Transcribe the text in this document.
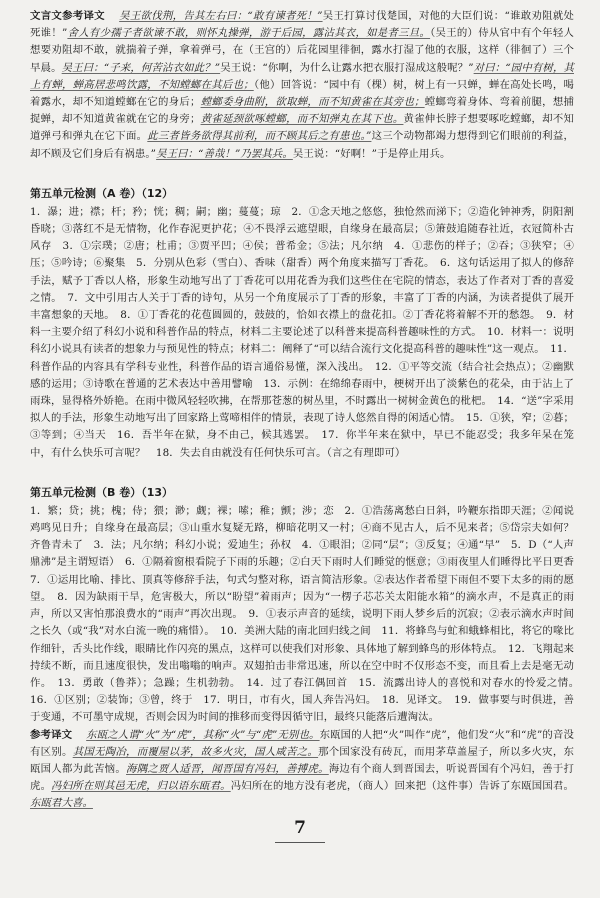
文言文参考译文 　 吴王欲伐荆，告其左右曰：“敢有谏者死！”吴王打算讨伐楚国，对他的大臣们说：“谁敢劝阻就处死谁！”舍人有少孺子者欲谏不敢，则怀丸操弹，游于后园，露沾其衣，如是者三旦。（吴王的）侍从官中有个年轻人想要劝阻却不敢，就揣着子弹，拿着弹弓，在（王宫的）后花园里徘徊，露水打湿了他的衣服，这样（徘徊了）三个早晨。吴王曰：“子来，何苦沾衣如此？”吴王说：“你啊，为什么让露水把衣服打湿成这般呢？”对曰：“园中有树，其上有蝉，蝉高居悲鸣饮露，不知螳螂在其后也；（他）回答说：“园中有（棵）树，树上有一只蝉，蝉在高处长鸣，喝着露水，却不知道螳螂在它的身后；螳螂委身曲附，欲取蝉，而不知黄雀在其旁也；螳螂弯着身体、弯着前腿，想捕捉蝉，却不知道黄雀就在它的身旁；黄雀延颈欲啄螳螂，而不知弹丸在其下也。黄雀伸长脖子想要啄吃螳螂，却不知道弹弓和弹丸在它下面。此三者皆务欲得其前利，而不顾其后之有患也。”这三个动物都竭力想得到它们眼前的利益，却不顾及它们身后有祸患。”吴王曰：“善哉！”乃罢其兵。吴王说：“好啊！”于是停止用兵。

第五单元检测（A 卷）（12）

1．瀑；进；襟；杆；矜；恍；稠；嗣；幽；蔓蔓；琼　2．①念天地之悠悠，独怆然而涕下；②造化钟神秀，阴阳割昏晓；③落红不是无情物，化作春泥更护花；④不畏浮云遮望眼，自缘身在最高层；⑤箫鼓追随春社近，衣冠简朴古风存　3．①宗璞；②唐；杜甫；③贾平凹；④侯；普希金；⑤法；凡尔纳　4．①悲伤的样子；②吞；③狭窄；④压；⑤吟诗；⑥聚集　5．分别从色彩（雪白）、香味（甜香）两个角度来描写丁香花。　6．这句话运用了拟人的修辞手法，赋予丁香以人格，形象生动地写出了丁香花可以用花香为我们这些住在宅院的情态，表达了作者对丁香的喜爱之情。　7．文中引用古人关于丁香的诗句，从另一个角度展示了丁香的形象，丰富了丁香的内涵，为读者提供了展开丰富想象的天地。　8．①丁香花的花苞圆圆的，鼓鼓的，恰如衣襟上的盘花扣。②丁香花将着解不开的愁怨。　9．材料一主要介绍了科幻小说和科普作品的特点，材料二主要论述了以科普来提高科普趣味性的方式。　10．材料一：说明科幻小说具有读者的想象力与预见性的特点；材料二：阐释了“可以结合流行文化提高科普的趣味性”这一观点。　11．科普作品的内容具有学科专业性，科普作品的语言通俗易懂，深入浅出。　12．①平等交流（结合社会热点）；②幽默感的运用；③诗歌在普通的艺术表达中善用譬喻　13．示例：在绵绵春雨中，梗树开出了淡紫色的花朵，由于沾上了雨珠，显得格外娇艳。在雨中微风轻轻吹拂，在帮那苍葱的树丛里，不时露出一树树金黄色的枇杷。　14．“送”字采用拟人的手法，形象生动地写出了回家路上莺啼相伴的情景，表现了诗人悠然自得的闲适心情。　15．①狭，窄；②暮；③等到；④当天　16．吾半年在狱，身不由己，候其逃罢。　17．你半年来在狱中，早已不能忍受；我多年呆在笼中，有什么快乐可言呢？　18．失去自由就没有任何快乐可言。（言之有理即可）

第五单元检测（B 卷）（13）

1．繁；贷；挑；槐；侍；猥；渺；觑；裸；嗦；稚；颤；涉；恋　2．①浩荡离愁白日斜，吟鞭东指即天涯；②闻说鸡鸣见日升；自缘身在最高层；③山重水复疑无路，柳暗花明又一村；④商不见古人，后不见来者；⑤岱宗夫如何？齐鲁青未了　3．法；凡尔纳；科幻小说；爱迪生；孙权　4．①眼泪；②同“层”；③反复；④通“早”　5．D（“人声鼎沸”是主谓短语）　6．①隔着窗根看院子下雨的乐趣；②白天下雨时人们睡觉的惬意；③雨夜里人们睡得比平日更香　7．①运用比喻、排比、顶真等修辞手法，句式匀整对称，语言简洁形象。②表达作者希望下雨但不要下太多的雨的愿望。　8．因为缺雨干旱，危害极大，所以“盼望”着雨声；因为“一楞子芯芯关太阳能水箱”的滴水声，不是真正的雨声，所以又害怕那浪费水的“雨声”再次出现。　9．①表示声音的延续，说明下雨人梦乡后的沉寂；②表示滴水声时间之长久（或“我”对水白流一晚的痛惜）。　10．美洲大陆的南北回归线之间　11．将蜂鸟与虻和蛾蜂相比，将它的喙比作细针，舌头比作线，眼睛比作闪亮的黑点，这样可以使我们对形象、具体地了解到蜂鸟的形体特点。　12．飞翔起来持续不断，而且速度很快，发出嗡嗡的响声。双翅拍击非常迅速，所以在空中时不仅形态不变，而且看上去是毫无动作。　13．勇敢（鲁莽）；急躁；生机勃勃。　14．过了春江偶回首　15．流露出诗人的喜悦和对春水的怜爱之情。　16．①区别；②装饰；③曾，终于　17．明日，市有火，国人奔告冯妇。　18．见译文。　19．做事要与时俱进，善于变通，不可墨守成规，否则会因为时间的推移而变得因循守旧，最终只能落后遭淘汰。

参考译文 　 东瓯之人谓“火”为“虎”，其称“火”与“虎”无别也。东瓯国的人把“火”叫作“虎”，他们发“火”和“虎”的音没有区别。其国无陶冶，而覆屋以茅，故多火灾，国人咸苦之。那个国家没有砖瓦，而用茅草盖屋子，所以多火灾，东瓯国人都为此苦恼。海隅之贾人适晋，闻晋国有冯妇，善搏虎。海边有个商人到晋国去，听说晋国有个冯妇，善于打虎。冯妇所在则其邑无虎，归以语东瓯君。冯妇所在的地方没有老虎，（商人）回来把（这件事）告诉了东瓯国国君。东瓯君大喜。

7
